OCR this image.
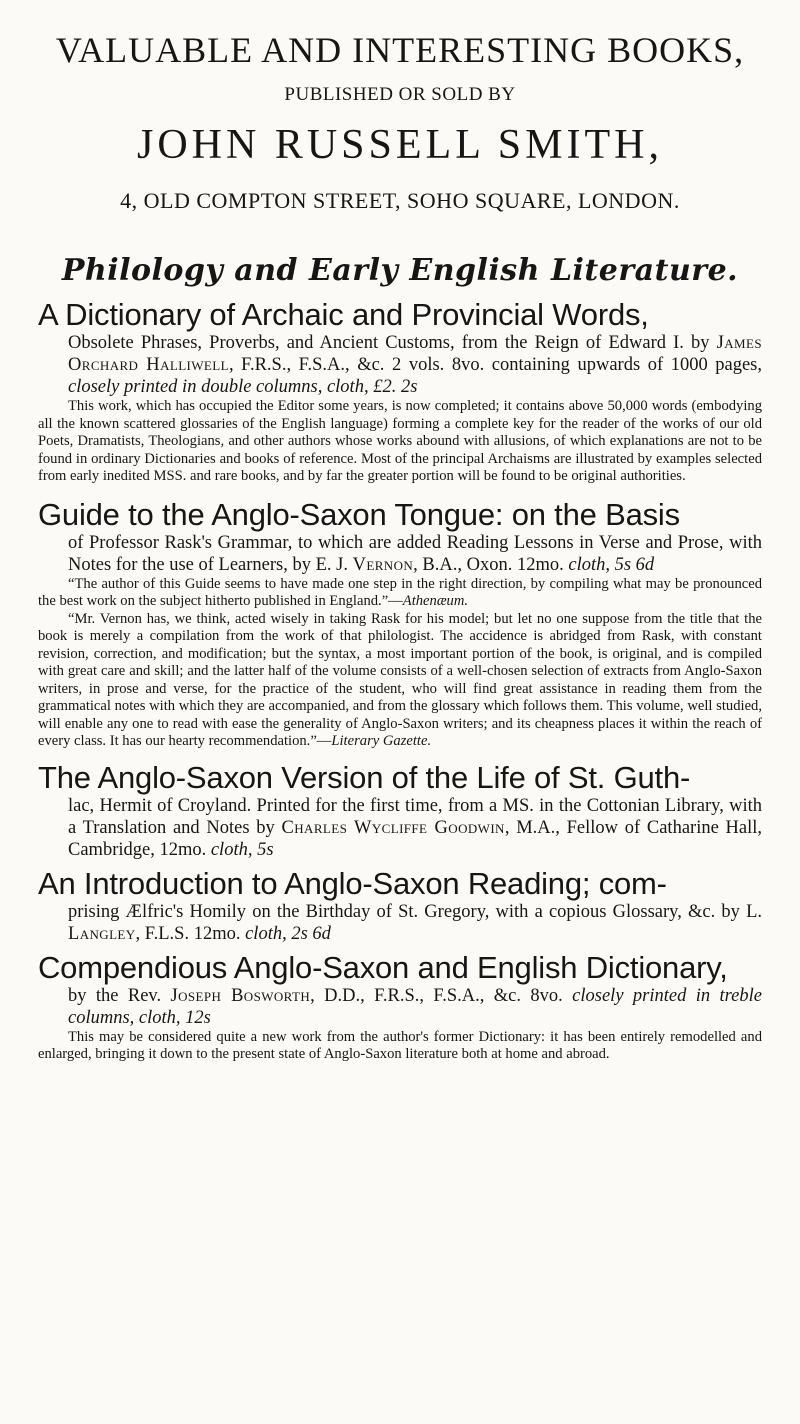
VALUABLE AND INTERESTING BOOKS,
PUBLISHED OR SOLD BY
JOHN RUSSELL SMITH,
4, OLD COMPTON STREET, SOHO SQUARE, LONDON.
Philology and Early English Literature.
A Dictionary of Archaic and Provincial Words,
Obsolete Phrases, Proverbs, and Ancient Customs, from the Reign of Edward I. by James Orchard Halliwell, F.R.S., F.S.A., &c. 2 vols. 8vo. containing upwards of 1000 pages, closely printed in double columns, cloth, £2. 2s
This work, which has occupied the Editor some years, is now completed; it contains above 50,000 words (embodying all the known scattered glossaries of the English language) forming a complete key for the reader of the works of our old Poets, Dramatists, Theologians, and other authors whose works abound with allusions, of which explanations are not to be found in ordinary Dictionaries and books of reference. Most of the principal Archaisms are illustrated by examples selected from early inedited MSS. and rare books, and by far the greater portion will be found to be original authorities.
Guide to the Anglo-Saxon Tongue: on the Basis
of Professor Rask's Grammar, to which are added Reading Lessons in Verse and Prose, with Notes for the use of Learners, by E. J. Vernon, B.A., Oxon. 12mo. cloth, 5s 6d
“The author of this Guide seems to have made one step in the right direction, by compiling what may be pronounced the best work on the subject hitherto published in England.”—Athenæum.
“Mr. Vernon has, we think, acted wisely in taking Rask for his model; but let no one suppose from the title that the book is merely a compilation from the work of that philologist. The accidence is abridged from Rask, with constant revision, correction, and modification; but the syntax, a most important portion of the book, is original, and is compiled with great care and skill; and the latter half of the volume consists of a well-chosen selection of extracts from Anglo-Saxon writers, in prose and verse, for the practice of the student, who will find great assistance in reading them from the grammatical notes with which they are accompanied, and from the glossary which follows them. This volume, well studied, will enable any one to read with ease the generality of Anglo-Saxon writers; and its cheapness places it within the reach of every class. It has our hearty recommendation.”—Literary Gazette.
The Anglo-Saxon Version of the Life of St. Guth-
lac, Hermit of Croyland. Printed for the first time, from a MS. in the Cottonian Library, with a Translation and Notes by Charles Wycliffe Goodwin, M.A., Fellow of Catharine Hall, Cambridge, 12mo. cloth, 5s
An Introduction to Anglo-Saxon Reading; com-
prising Ælfric's Homily on the Birthday of St. Gregory, with a copious Glossary, &c. by L. Langley, F.L.S. 12mo. cloth, 2s 6d
Compendious Anglo-Saxon and English Dictionary,
by the Rev. Joseph Bosworth, D.D., F.R.S., F.S.A., &c. 8vo. closely printed in treble columns, cloth, 12s
This may be considered quite a new work from the author's former Dictionary: it has been entirely remodelled and enlarged, bringing it down to the present state of Anglo-Saxon literature both at home and abroad.
